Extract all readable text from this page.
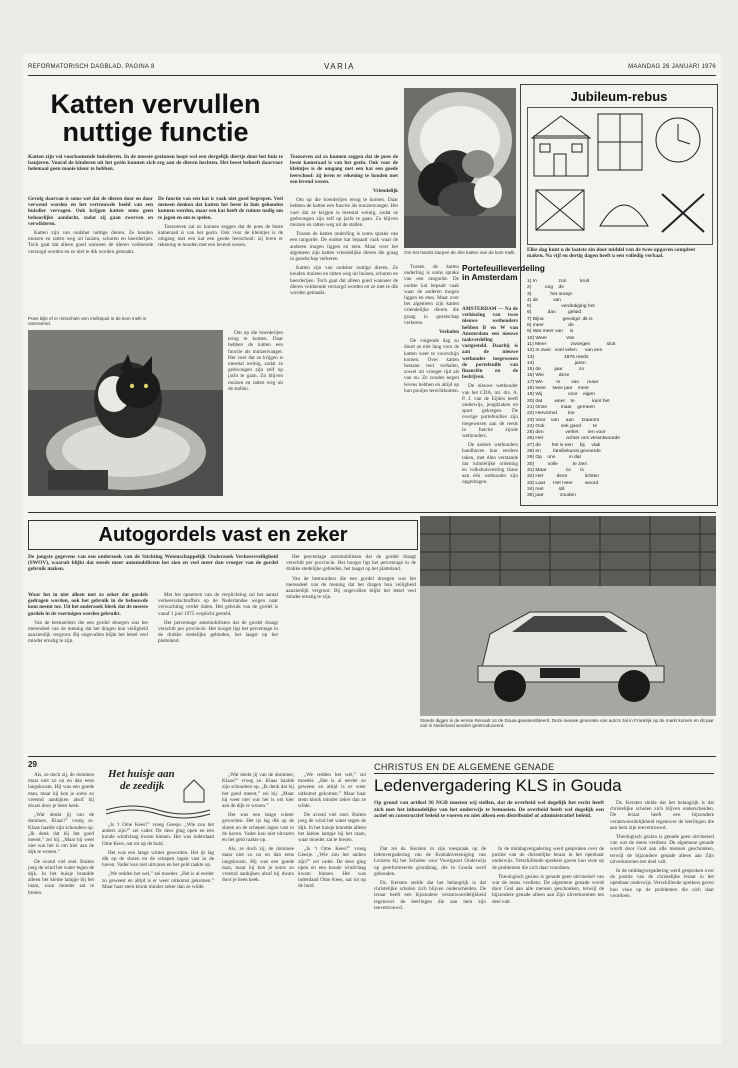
REFORMATORISCH DAGBLAD, PAGINA 8	VARIA	MAANDAG 26 JANUARI 1976
Katten vervullen
nuttige functie
Katten zijn vol voorkomende huisdieren. In de meeste gezinnen loopt wel een dergelijk diertje door het huis te banjeren. Vooral de kinderen uit het gezin kunnen zich erg aan de dieren hechten. Het beest behoeft daarvoor helemaal geen mooie kleur te hebben.

Gevolg daarvan is soms wel dat de dieren door en door verwend worden en het vertrouwde beeld van een huisdier vervagen. Ook krijgen katten soms geen behoorlijke aandacht, zodat zij gaan zwerven en verwilderen.

Katten zijn van oudsher nuttige dieren. Ze houden muizen en ratten weg uit huizen, schuren en boerderijen. Toch gaat dat alleen goed wanneer de dieren voldoende verzorgd worden en ze niet te dik worden gemaakt.

De functie van een kat is vaak niet goed begrepen. Veel mensen denken dat katten het beste in huis gehouden kunnen worden, maar een kat heeft de ruimte nodig om te jagen en om te spelen.

Toezoeven zal zo kunnen zeggen dat de poes de beste kameraad is van het gezin. Ook voor de kleintjes is de omgang met een kat een goede leerschool: zij leren er rekening te houden met een levend wezen.

Poes kijkt of er misschien een melkspuit in de kom melk is ontvreemd.

Om op die boerderijen terug te komen. Daar hebben de katten een functie als muizenvanger. Het voer dat ze krijgen is meestal weinig, zodat ze gedwongen zijn zelf op jacht te gaan. Zo blijven muizen en ratten weg uit de stallen.

Toezoeven zal zo kunnen zeggen dat de poes de beste kameraad is van het gezin. Ook voor de kleintjes is de omgang met een kat een goede leerschool: zij leren er rekening te houden met een levend wezen.

Vriendelijk

Om op die boerderijen terug te komen. Daar hebben de katten een functie als muizenvanger. Het voer dat ze krijgen is meestal weinig, zodat ze gedwongen zijn zelf op jacht te gaan. Zo blijven muizen en ratten weg uit de stallen.

Tussen de katten onderling is soms sprake van een rangorde. De oudste kat bepaalt vaak waar de anderen mogen liggen en eten. Maar over het algemeen zijn katten vriendelijke dieren die graag in gezelschap verkeren.

Katten zijn van oudsher nuttige dieren. Ze houden muizen en ratten weg uit huizen, schuren en boerderijen. Toch gaat dat alleen goed wanneer de dieren voldoende verzorgd worden en ze niet te dik worden gemaakt.

Om het hardst slurpen de drie katten van de kom melk.

Tussen de katten onderling is soms sprake van een rangorde. De oudste kat bepaalt vaak waar de anderen mogen liggen en eten. Maar over het algemeen zijn katten vriendelijke dieren die graag in gezelschap verkeren.

Verhalen

De volgende dag zo duurt ze niet lang voor de katten weer te voorschijn komen. Over katten bestaan veel verhalen, zowel uit vroeger tijd als van nu. Ze zouden negen levens hebben en altijd op hun pootjes terechtkomen.

Portefeuilleverdeling in Amsterdam

AMSTERDAM — Na de verkiezing van twee nieuwe wethouders hebben B en W van Amsterdam een nieuwe taakverdeling vastgesteld. Daarbij is aan de nieuwe wethouder toegewezen de portefeuille van financiën en de bedrijven.

De nieuwe wethouder van het CDA, mr. drs. A. P. J. van de Eijden heeft onderwijs, jeugdzaken en sport gekregen. De overige portefeuilles zijn toegewezen aan de reeds in functie zijnde wethouders.

De andere wethouders handhaven hun eerdere taken, met dien verstande dat ruimtelijke ordening en volkshuisvesting thans aan één wethouder zijn opgedragen.

Jubileum-rebus
Elke dag kunt u de laatste zin door middel van de twee opgaven compleet maken. Na vijf en dertig dagen heeft u een volledig verhaal.
1) In                zon          kruit
2)          oog    de
3)              het oranje
4) de           van
5)                      verdediging het
6)            dan         geluid
7) Bijna              gevolgd  dit is
8) meer                  de
9) Wat meer van     is
10) Weer              Van
11) Meer                  zwoegen            sluit
12) In zwei   voel velen      van een
13)                      1875 reeds
14)                              jaren
15) de          jaar            zo
16) Wie           deze
17) We          In        van      maar
18) twee     twee jaar    meer
19) Wij                   voor    eigen
20) dat         weer    te             kunt het
21) Onze          maar    gemeen
22) Hervormd        toe
23) Voor    van     aan      Daarom
24) Ook            ook goed         te
25) den                verliet       ten voor
26) Het                 achter ons verantwoorde
27) de        het is een     bij     vlak
28) en         familiekunst gevoerde
29) Op    ons          in dat
30)          volle           te zien
31) Maar              zo       is
32) Het          deze             lichten
33) Laat      Het Heer         woord
34) met           stil
35) jaar            zouden
Autogordels vast en zeker
De jongste gegevens van een onderzoek van de Stichting Wetenschappelijk Onderzoek Verkeersveiligheid (SWOV), waaruit blijkt dat steeds meer automobilisten het zien en veel meer dan vroeger van de gordel gebruik maken.

Waar het in niet alleen met zo zeker dat gordels gedragen worden, ook het gebruik in de bebouwde kom neemt toe. Uit het onderzoek bleek dat de meeste gordels in de voertuigen worden gebruikt.

Van de bestuurders die een gordel droegen was het merendeel van de mening dat het dragen hun veiligheid aanzienlijk vergroot. Bij ongevallen blijkt het letsel veel minder ernstig te zijn.

Met het opnemen van de verplichting zal het aantal verkeersslachtoffers op de Nederlandse wegen naar verwachting verder dalen. Het gebruik van de gordel is vanaf 1 juni 1975 verplicht gesteld.

Het percentage automobilisten dat de gordel draagt verschilt per provincie. Het hoogst ligt het percentage in de drukke stedelijke gebieden, het laagst op het platteland.

Het percentage automobilisten dat de gordel draagt verschilt per provincie. Het hoogst ligt het percentage in de drukke stedelijke gebieden, het laagst op het platteland.

Van de bestuurders die een gordel droegen was het merendeel van de mening dat het dragen hun veiligheid aanzienlijk vergroot. Bij ongevallen blijkt het letsel veel minder ernstig te zijn.

Steeds digger is de eerste Renault 14 de Douai geassembleerd. Deze nieuwe generatie van auto's zal in Frankrijk op de markt komen en dit jaar ook in Nederland worden geïntroduceerd.
29

Als, ze doch zij, de dominee maar niet zo nu en dan eens langskwam. Hij was een goede man, maar hij kon je soms zo vreemd aankijken alsof hij dwars door je heen keek.

„Wat denkt jij van de dominee, Klaas?” vroeg ze. Klaas haalde zijn schouders op. „Ik denk dat hij het goed meent,” zei hij. „Maar hij weet niet wat het is om hier aan de dijk te wonen.”

De avond viel snel. Buiten joeg de wind het water tegen de dijk. In het huisje brandde alleen het kleine lampje bij het raam, waar moeder zat te breien.

Het huisje aan
de zeedijk

„Is ’t Ome Kees?” vroeg Geesje. „Wie zou het anders zijn?” zei vader. De deur ging open en een koude windvlaag kwam binnen. Het was inderdaad Ome Kees, nat tot op de huid.

Het was een lange winter geworden. Het ijs lag dik op de sloten en de schepen lagen vast in de haven. Vader kon niet uitvaren en het geld raakte op.

„We redden het wel,” zei moeder. „Het is al eerder zo geweest en altijd is er weer uitkomst gekomen.” Maar haar stem klonk minder zeker dan ze wilde.

„Wat denkt jij van de dominee, Klaas?” vroeg ze. Klaas haalde zijn schouders op. „Ik denk dat hij het goed meent,” zei hij. „Maar hij weet niet wat het is om hier aan de dijk te wonen.”

Het was een lange winter geworden. Het ijs lag dik op de sloten en de schepen lagen vast in de haven. Vader kon niet uitvaren en het geld raakte op.

Als, ze doch zij, de dominee maar niet zo nu en dan eens langskwam. Hij was een goede man, maar hij kon je soms zo vreemd aankijken alsof hij dwars door je heen keek.

„We redden het wel,” zei moeder. „Het is al eerder zo geweest en altijd is er weer uitkomst gekomen.” Maar haar stem klonk minder zeker dan ze wilde.

De avond viel snel. Buiten joeg de wind het water tegen de dijk. In het huisje brandde alleen het kleine lampje bij het raam, waar moeder zat te breien.

„Is ’t Ome Kees?” vroeg Geesje. „Wie zou het anders zijn?” zei vader. De deur ging open en een koude windvlaag kwam binnen. Het was inderdaad Ome Kees, nat tot op de huid.

CHRISTUS EN DE ALGEMENE GENADE
Ledenvergadering KLS in Gouda
Op grond van artikel 36 NGB moeten wij stellen, dat de overheid wel degelijk het recht heeft zich met het inhoudelijke van het onderwijs te bemoeien. De overheid heeft wel degelijk een actief en constructief beleid te voeren en niet alleen een distributief of administratief beleid.

Dat zei ds. Kersten in zijn toespraak op de ledenvergadering van de Kontaktvereniging van Leraren bij het Scholen voor Voortgezet Onderwijs op gereformeerde grondslag, die in Gouda werd gehouden.

Ds. Kersten stelde dat het belangrijk is dat christelijke scholen zich blijven onderscheiden. De leraar heeft een bijzondere verantwoordelijkheid tegenover de leerlingen die aan hem zijn toevertrouwd.

In de middagvergadering werd gesproken over de positie van de christelijke leraar in het openbaar onderwijs. Verschillende sprekers gaven hun visie op de problemen die zich daar voordoen.

Theologisch gezien is genade geen uitvloeisel van wat de mens verdient. De algemene genade wordt door God aan alle mensen geschonken, terwijl de bijzondere genade alleen aan Zijn uitverkorenen ten deel valt.

Ds. Kersten stelde dat het belangrijk is dat christelijke scholen zich blijven onderscheiden. De leraar heeft een bijzondere verantwoordelijkheid tegenover de leerlingen die aan hem zijn toevertrouwd.

Theologisch gezien is genade geen uitvloeisel van wat de mens verdient. De algemene genade wordt door God aan alle mensen geschonken, terwijl de bijzondere genade alleen aan Zijn uitverkorenen ten deel valt.

In de middagvergadering werd gesproken over de positie van de christelijke leraar in het openbaar onderwijs. Verschillende sprekers gaven hun visie op de problemen die zich daar voordoen.
